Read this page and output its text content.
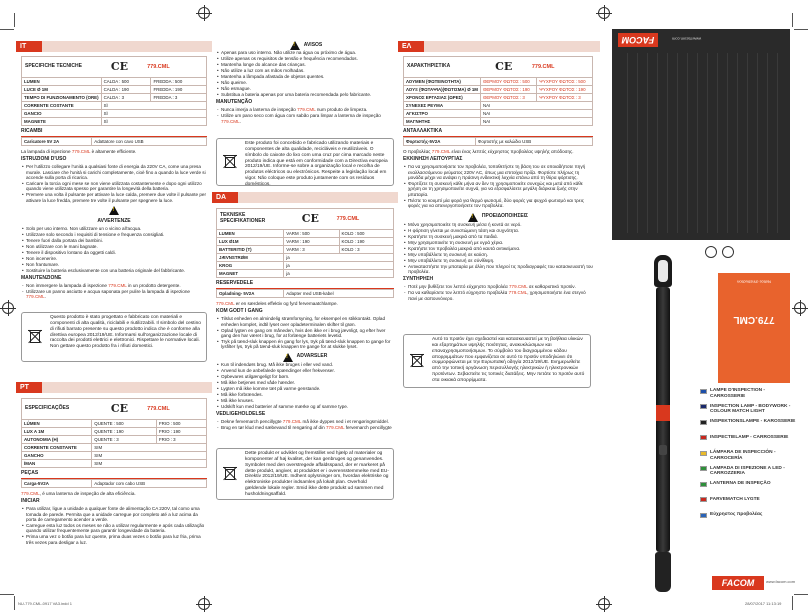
IT
SPECIFICHE TECNICHE	CE	779.CML
LUMEN	CALDA : 500	FREDDA : 500
LUCE Ø 1M	CALDA : 190	FREDDA : 190
TEMPO DI FUNZIONAMENTO (ORE)	CALDA : 3	FREDDA : 3
CORRENTE COSTANTE	SÌ	
GANCIO	SÌ	
MAGNETE	SÌ	
RICAMBI
Caricatore 5V 2A	Adattatore con cavo USB
La lampada di ispezione 779.CML è altamente efficiente.
ISTRUZIONI D'USO
• Per l'utilizzo collegare l'unità a qualsiasi fonte di energia da 220V CA, come una presa murale. Lasciare che l'unità si carichi completamente, cioè fino a quando la luce verde si accende sulla porta di ricarica.
• Caricare la torcia ogni mese se non viene utilizzata costantemente e dopo ogni utilizzo quando viene utilizzata spesso per garantire la longevità della batteria.
• Premere una volta il pulsante per attivare la luce calda, premere due volte il pulsante per attivare la luce fredda, premere tre volte il pulsante per spegnere la luce.
!
AVVERTENZE
• Solo per uso interno. Non utilizzare un o vicino all'acqua.
• Utilizzare solo secondo i requisiti di tensione e frequenza consigliati.
• Tenere fuori dalla portata dei bambini.
• Non utilizzare con le mani bagnate.
• Tenere il dispositivo lontano da oggetti caldi.
• Non incenerire.
• Non frantumare.
• Sostituire la batteria esclusivamente con una batteria originale del fabbricante.
MANUTENZIONE
- Non immergere la lampada di ispezione 779.CML in un prodotto detergente.
- Utilizzare un panno asciutto e acqua saponata per pulire la lampada di ispezione 779.CML.
Questo prodotto è stato progettato e fabbricato con materiali e componenti di alta qualità, riciclabili e riutilizzabili. Il simbolo del cestino di rifiuti barrato presente su questo prodotto indica che è conforme alla direttiva europea 2012/19/UE. Informarsi sull'organizzazione locale di raccolta dei prodotti elettrici e elettronici. Rispettare le normative locali. Non gettare questo prodotto fra i rifiuti domestici.
PT
ESPECIFICAÇÕES	CE	779.CML
LÚMEN	QUENTE : 500	FRIO : 500
LUX A 1M	QUENTE : 190	FRIO : 190
AUTONOMIA (H)	QUENTE : 3	FRIO : 3
CORRENTE CONSTANTE	SIM	
GANCHO	SIM	
ÍMAN	SIM	
PEÇAS
Carga-5V2A	Adaptador com cabo USB
779.CML, é uma lanterna de inspeção de alta eficiência.
INICIAR
• Para utilizar, ligue a unidade a qualquer fonte de alimentação CA 220V, tal como uma tomada de parede. Permita que a unidade carregue por completo até a luz acima da porta de carregamento acender a verde.
• Carregue esta luz todos os meses se não a utilizar regularmente e após cada utilização quando utilizar frequentemente para garantir longevidade da bateria.
• Prima uma vez o botão para luz quente, prima duas vezes o botão para luz fria, prima três vezes para desligar a luz.
!
AVISOS
• Apenas para uso interno. Não utilize na água ou próximo de água.
• Utilize apenas os requisitos de tensão e frequência recomendados.
• Mantenha longe do alcance das crianças.
• Não utilize a luz com as mãos molhadas.
• Mantenha a lâmpada afastada de objetos quentes.
• Não queime.
• Não esmague.
• Substitua a bateria apenas por uma bateria recomendada pelo fabricante.
MANUTENÇÃO
- Nunca imerja a lanterna de inspeção 779.CML num produto de limpeza.
- Utilize um pano seco com água com sabão para limpar a lanterna de inspeção 779.CML.
Este produto foi concebido e fabricado utilizando materiais e componentes de alta qualidade, recicláveis e reutilizáveis. O símbolo do caixote do lixo com uma cruz por cima marcado neste produto indica que está em conformidade com a Directiva europeia 2012/19/UE. Informe-se sobre a organização local e recolha de produtos eléctricos ou electrónicos. Respeite a legislação local em vigor. Não coloque este produto juntamente com os resíduos domésticos.
DA
TEKNISKE SPECIFIKATIONER	CE	779.CML
LUMEN	VARM : 500	KOLD : 500
LUX Ø1M	VARM : 190	KOLD : 190
BATTERITID (T)	VARM : 3	KOLD : 3
JÆVNSTRØM	ja	
KROG	ja	
MAGNET	ja	
RESERVEDELE
Opladning- 5V2A	Adapter med USB-kabel
779.CML er en særdeles effektiv og fyrd fervemaatchlampe.
KOM GODT I GANG
• Tilslut enheden en almindelig strømforsyning, for eksempel en stikkontakt. Oplad enheden komplet, indtil lyset over opladeterminalen skifter til grøn.
• Oplad lygten en gang om måneden, hvis den ikke er i brug jævnligt, og efter hver gang den har været i brug, for at forlænge batteriets levetid.
• Tryk på tænd-sluk knappen én gang for lys, tryk på tænd-sluk knappen to gange for lysfilter lys, tryk på tænd-sluk knappen tre gange for at slukke lyset.
!
ADVARSLER
• Kun til indendørs brug. Må ikke bruges i eller ved vand.
• Anvend kun de anbefalede spændinger eller frekvenser.
• Opbevares utilgængeligt for børn.
• Må ikke betjenes med våde hænder.
• Lygten må ikke komme tæt på varme genstande.
• Må ikke forbrændes.
• Må ikke knuses.
• Udskift kun med batterier af samme mærke og af samme type.
VEDLIGEHOLDELSE
- Dekne fervemarch pencillygte 779.CML må ikke dyppes ned i et rengøringsmiddel.
- Brug en tør klud med sæbevand til rengøring af din 779.CML fervemarch pencillygte
Dette produkt er udviklet og fremstillet ved hjælp af materialer og komponenter af høj kvalitet, der kan genbruges og genanvendes. Symbolet med den overstregede affaldsspand, der er markeret på dette produkt, angiver, at produktet er i overensstemmelse med EU-Direktiv 2012/19/UE. Indhent oplysninger om, hvordan elektriske og elektroniske produkter indsamles på lokalt plan. Overhold gældende lokale regler. Smid ikke dette produkt ud sammen med husholdningsaffald.
ΕΛ
ΧΑΡΑΚΤΗΡΙΣΤΙΚΑ	CE	779.CML
ΛΟΥΜΕΝ (ΦΩΤΕΙΝΟΤΗΤΑ)	ΘΕΡΜΟΥ ΦΩΤΟΣ : 500	ΨΥΧΡΟΥ ΦΩΤΟΣ : 500
ΛΟΥΞ (ΦΩΤΑΨΙΑ)(ΦΩΤΙΣΜΑ) Ø 1M	ΘΕΡΜΟΥ ΦΩΤΟΣ : 190	ΨΥΧΡΟΥ ΦΩΤΟΣ : 190
ΧΡΟΝΟΣ ΕΡΓΑΣΙΑΣ (ΩΡΕΣ)	ΘΕΡΜΟΥ ΦΩΤΟΣ : 3	ΨΥΧΡΟΥ ΦΩΤΟΣ : 3
ΣΥΝΕΧΕΣ ΡΕΥΜΑ	ΝΑΙ	
ΑΓΚΙΣΤΡΟ	ΝΑΙ	
ΜΑΓΝΗΤΗΣ	ΝΑΙ	
ΑΝΤΑΛΛΑΚΤΙΚΑ
Φορτιστής-5V2A	Φορτιστής με καλώδιο USB
Ο προβολέας 779.CML είναι ένας λεπτός εύχρηστος προβολέας υψηλής απόδοσης.
ΕΚΚΙΝΗΣΗ ΛΕΙΤΟΥΡΓΙΑΣ
• Για να χρησιμοποιήσετε τον προβολέα, τοποθετήστε τη βάση του σε οποιαδήποτε πηγή εναλλασσόμενου ρεύματος 220V AC, όπως μια επιτοίχια πρίζα. Φορτίστε πλήρως τη μονάδα μέχρι να ανάψει η πράσινη ενδεικτική λυχνία επάνω από τη θύρα φόρτισης.
• Φορτίζετε τη συσκευή κάθε μήνα αν δεν τη χρησιμοποιείτε συνεχώς και μετά από κάθε χρήση αν τη χρησιμοποιείτε συχνά, για να εξασφαλίσετε μεγάλη διάρκεια ζωής στην μπαταρία.
• Πιέστε το κουμπί μία φορά για θερμό φωτισμό, δύο φορές για ψυχρό φωτισμό και τρεις φορές για να απενεργοποιήσετε τον προβολέα.
!
ΠΡΟΕΙΔΟΠΟΙΗΣΕΙΣ
• Μόνο χρησιμοποιείτε τη συσκευή μέσα ή κοντά σε νερό.
• Η φόρτιση γίνεται με συνιστώμενη τάση και συχνότητα.
• Κρατήστε τη συσκευή μακριά από τα παιδιά.
• Μην χρησιμοποιείτε τη συσκευή με υγρά χέρια.
• Κρατήστε τον προβολέα μακριά από καυτά αντικείμενα.
• Μην υποβάλλετε τη συσκευή σε καύση.
• Μην υποβάλλετε τη συσκευή σε σύνθλιψη.
• Αντικαταστήστε την μπαταρία με άλλη που πληροί τις προδιαγραφές του κατασκευαστή του προβολέα.
ΣΥΝΤΗΡΗΣΗ
- Ποτέ μην βυθίζετε τον λεπτό εύχρηστο προβολέα 779.CML σε καθαριστικό προϊόν.
- Για να καθαρίσετε τον λεπτό εύχρηστο προβολέα 779.CML, χρησιμοποιήστε ένα στεγνό πανί με σαπουνόνερο.
Αυτό το προϊόν έχει σχεδιαστεί και κατασκευαστεί με τη βοήθεια υλικών και εξαρτημάτων υψηλής ποιότητας, ανακυκλώσιμων και επαναχρησιμοποιήσιμων. Το σύμβολο του διαγραμμένου κάδου απορριμμάτων που εμφανίζεται σε αυτό το προϊόν υποδηλώνει ότι συμμορφώνεται με την Ευρωπαϊκή οδηγία 2012/19/UE. Ενημερωθείτε από την τοπική οργάνωση περισυλλογής ηλεκτρικών ή ηλεκτρονικών προϊόντων. Σεβαστείτε τις τοπικές διατάξεις. Μην πετάτε το προϊόν αυτό στα οικιακά απορρίμματα.
FACOM	www.facom.com
Notice d'instruction
779.CML
LAMPE D'INSPECTION - CARROSSERIE
INSPECTION LAMP - BODYWORK - COLOUR MATCH LIGHT
INSPEKTIONSLAMPE - KAROSSERIE
INSPECTIELAMP - CARROSSERIE
LÁMPARA DE INSPECCIÓN - CARROCERÍA
LAMPADA DI ISPEZIONE A LED - CARROZZERIA
LANTERNA DE INSPEÇÃO
FARVEMATCH LYGTE
Εύχρηστος προβολέας
FACOM	www.facom.com
NU-779.CML-0917 VA3.indd 1	28/07/2017 11:13:19
